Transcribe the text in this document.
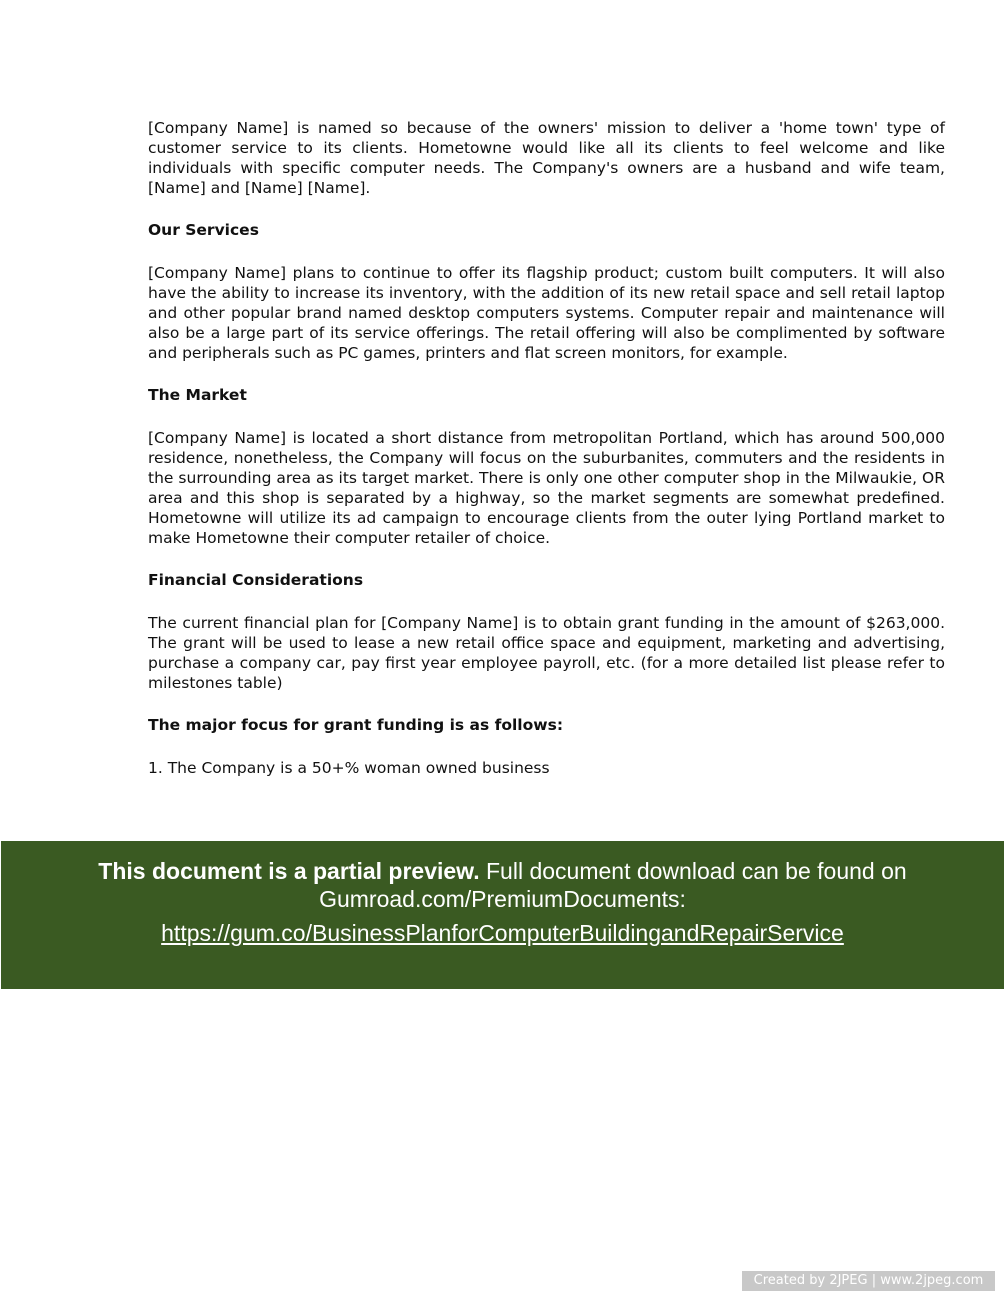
[Company Name] is named so because of the owners' mission to deliver a 'home town' type of customer service to its clients. Hometowne would like all its clients to feel welcome and like individuals with specific computer needs. The Company's owners are a husband and wife team, [Name] and [Name] [Name].

Our Services

[Company Name] plans to continue to offer its flagship product; custom built computers. It will also have the ability to increase its inventory, with the addition of its new retail space and sell retail laptop and other popular brand named desktop computers systems. Computer repair and maintenance will also be a large part of its service offerings. The retail offering will also be complimented by software and peripherals such as PC games, printers and flat screen monitors, for example.

The Market

[Company Name] is located a short distance from metropolitan Portland, which has around 500,000 residence, nonetheless, the Company will focus on the suburbanites, commuters and the residents in the surrounding area as its target market. There is only one other computer shop in the Milwaukie, OR area and this shop is separated by a highway, so the market segments are somewhat predefined. Hometowne will utilize its ad campaign to encourage clients from the outer lying Portland market to make Hometowne their computer retailer of choice.

Financial Considerations

The current financial plan for [Company Name] is to obtain grant funding in the amount of $263,000. The grant will be used to lease a new retail office space and equipment, marketing and advertising, purchase a company car, pay first year employee payroll, etc. (for a more detailed list please refer to milestones table)

The major focus for grant funding is as follows:

1. The Company is a 50+% woman owned business

This document is a partial preview. Full document download can be found on Gumroad.com/PremiumDocuments:
https://gum.co/BusinessPlanforComputerBuildingandRepairService
Created by 2JPEG | www.2jpeg.com
